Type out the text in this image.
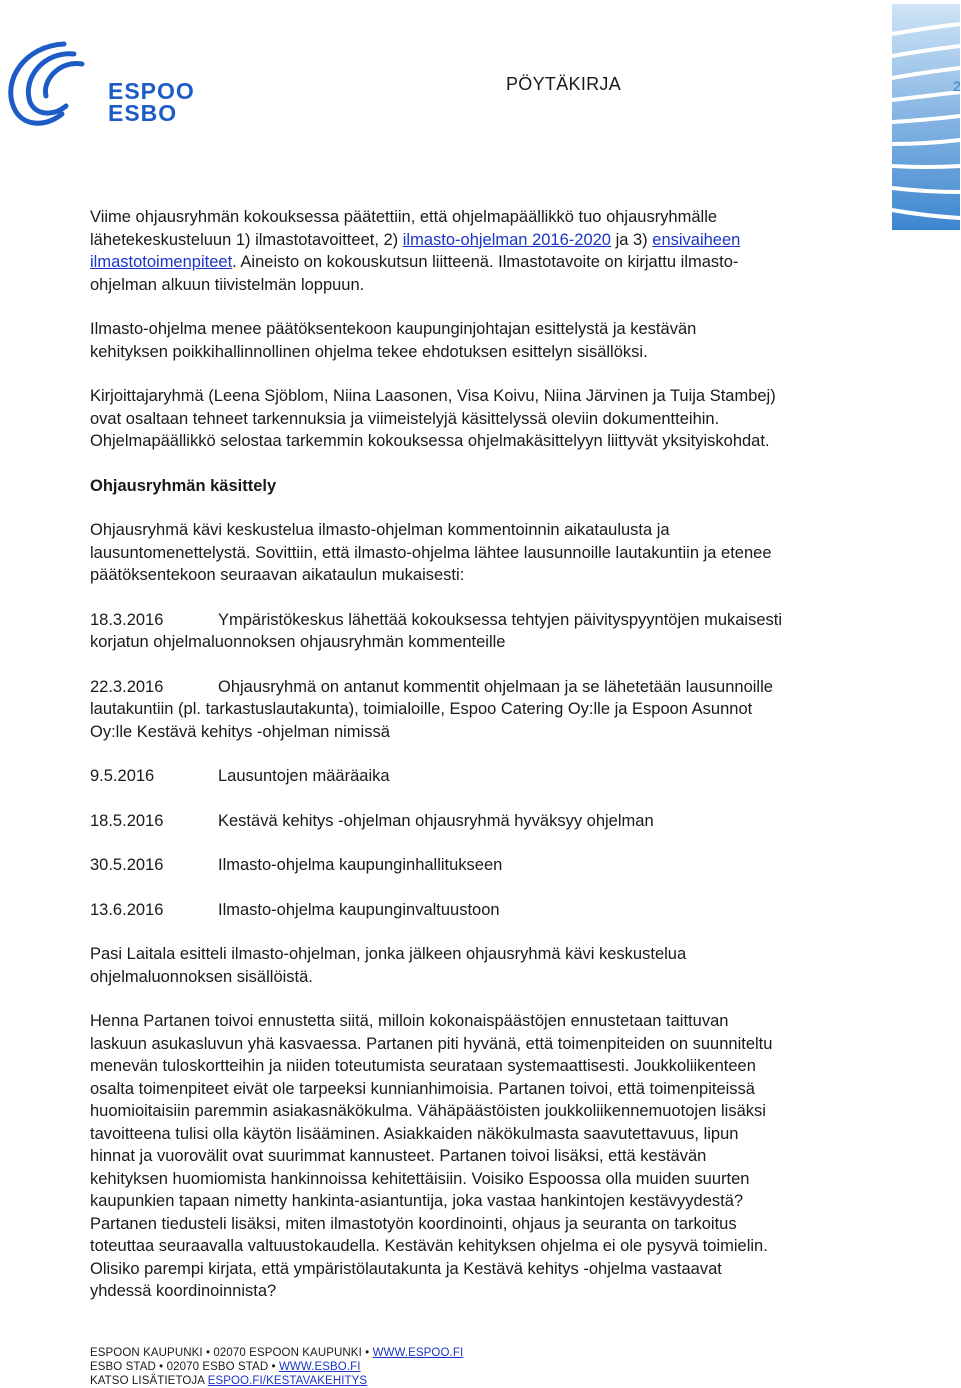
ESPOO
ESBO
PÖYTÄKIRJA	2

Viime ohjausryhmän kokouksessa päätettiin, että ohjelmapäällikkö tuo ohjausryhmälle
lähetekeskusteluun 1) ilmastotavoitteet, 2) ilmasto-ohjelman 2016-2020 ja 3) ensivaiheen
ilmastotoimenpiteet. Aineisto on kokouskutsun liitteenä. Ilmastotavoite on kirjattu ilmasto-
ohjelman alkuun tiivistelmän loppuun.

Ilmasto-ohjelma menee päätöksentekoon kaupunginjohtajan esittelystä ja kestävän
kehityksen poikkihallinnollinen ohjelma tekee ehdotuksen esittelyn sisällöksi.

Kirjoittajaryhmä (Leena Sjöblom, Niina Laasonen, Visa Koivu, Niina Järvinen ja Tuija Stambej)
ovat osaltaan tehneet tarkennuksia ja viimeistelyjä käsittelyssä oleviin dokumentteihin.
Ohjelmapäällikkö selostaa tarkemmin kokouksessa ohjelmakäsittelyyn liittyvät yksityiskohdat.

Ohjausryhmän käsittely

Ohjausryhmä kävi keskustelua ilmasto-ohjelman kommentoinnin aikataulusta ja
lausuntomenettelystä. Sovittiin, että ilmasto-ohjelma lähtee lausunnoille lautakuntiin ja etenee
päätöksentekoon seuraavan aikataulun mukaisesti:

18.3.2016	Ympäristökeskus lähettää kokouksessa tehtyjen päivityspyyntöjen mukaisesti
korjatun ohjelmaluonnoksen ohjausryhmän kommenteille

22.3.2016	Ohjausryhmä on antanut kommentit ohjelmaan ja se lähetetään lausunnoille
lautakuntiin (pl. tarkastuslautakunta), toimialoille, Espoo Catering Oy:lle ja Espoon Asunnot
Oy:lle Kestävä kehitys -ohjelman nimissä

9.5.2016	Lausuntojen määräaika

18.5.2016	Kestävä kehitys -ohjelman ohjausryhmä hyväksyy ohjelman

30.5.2016	Ilmasto-ohjelma kaupunginhallitukseen

13.6.2016	Ilmasto-ohjelma kaupunginvaltuustoon

Pasi Laitala esitteli ilmasto-ohjelman, jonka jälkeen ohjausryhmä kävi keskustelua
ohjelmaluonnoksen sisällöistä.

Henna Partanen toivoi ennustetta siitä, milloin kokonaispäästöjen ennustetaan taittuvan
laskuun asukasluvun yhä kasvaessa. Partanen piti hyvänä, että toimenpiteiden on suunniteltu
menevän tuloskortteihin ja niiden toteutumista seurataan systemaattisesti. Joukkoliikenteen
osalta toimenpiteet eivät ole tarpeeksi kunnianhimoisia. Partanen toivoi, että toimenpiteissä
huomioitaisiin paremmin asiakasnäkökulma. Vähäpäästöisten joukkoliikennemuotojen lisäksi
tavoitteena tulisi olla käytön lisääminen. Asiakkaiden näkökulmasta saavutettavuus, lipun
hinnat ja vuorovälit ovat suurimmat kannusteet. Partanen toivoi lisäksi, että kestävän
kehityksen huomiomista hankinnoissa kehitettäisiin. Voisiko Espoossa olla muiden suurten
kaupunkien tapaan nimetty hankinta-asiantuntija, joka vastaa hankintojen kestävyydestä?
Partanen tiedusteli lisäksi, miten ilmastotyön koordinointi, ohjaus ja seuranta on tarkoitus
toteuttaa seuraavalla valtuustokaudella. Kestävän kehityksen ohjelma ei ole pysyvä toimielin.
Olisiko parempi kirjata, että ympäristölautakunta ja Kestävä kehitys -ohjelma vastaavat
yhdessä koordinoinnista?

ESPOON KAUPUNKI • 02070 ESPOON KAUPUNKI • WWW.ESPOO.FI
ESBO STAD • 02070 ESBO STAD • WWW.ESBO.FI
KATSO LISÄTIETOJA ESPOO.FI/KESTAVAKEHITYS
